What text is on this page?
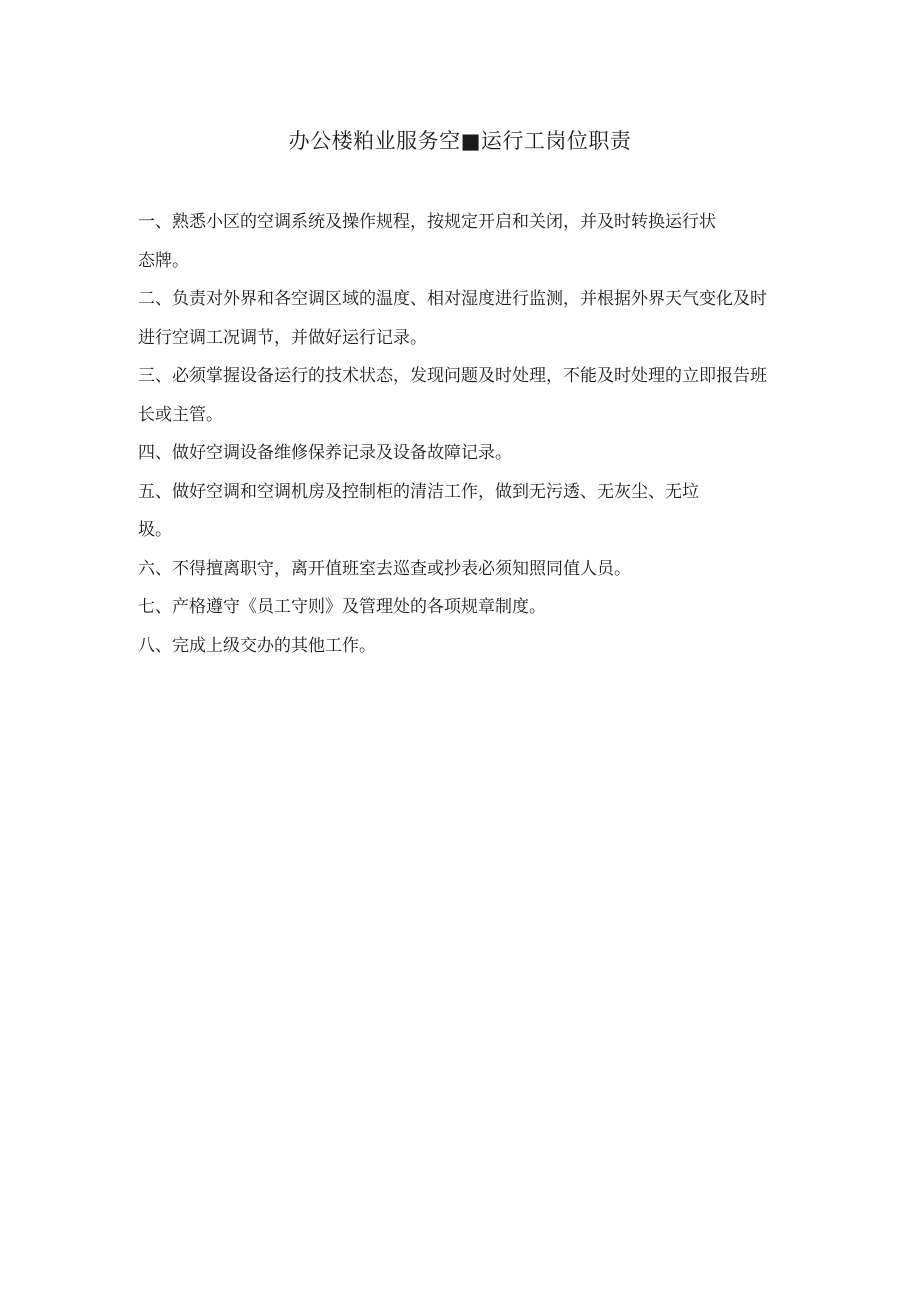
办公楼粕业服务空■运行工岗位职责

一、熟悉小区的空调系统及操作规程，按规定开启和关闭，并及时转换运行状

态牌。

二、负责对外界和各空调区域的温度、相对湿度进行监测，并根据外界天气变化及时

进行空调工况调节，并做好运行记录。

三、必须掌握设备运行的技术状态，发现问题及时处理，不能及时处理的立即报告班

长或主管。

四、做好空调设备维修保养记录及设备故障记录。

五、做好空调和空调机房及控制柜的清洁工作，做到无污透、无灰尘、无垃

圾。

六、不得擅离职守，离开值班室去巡查或抄表必须知照同值人员。

七、产格遵守《员工守则》及管理处的各项规章制度。

八、完成上级交办的其他工作。
